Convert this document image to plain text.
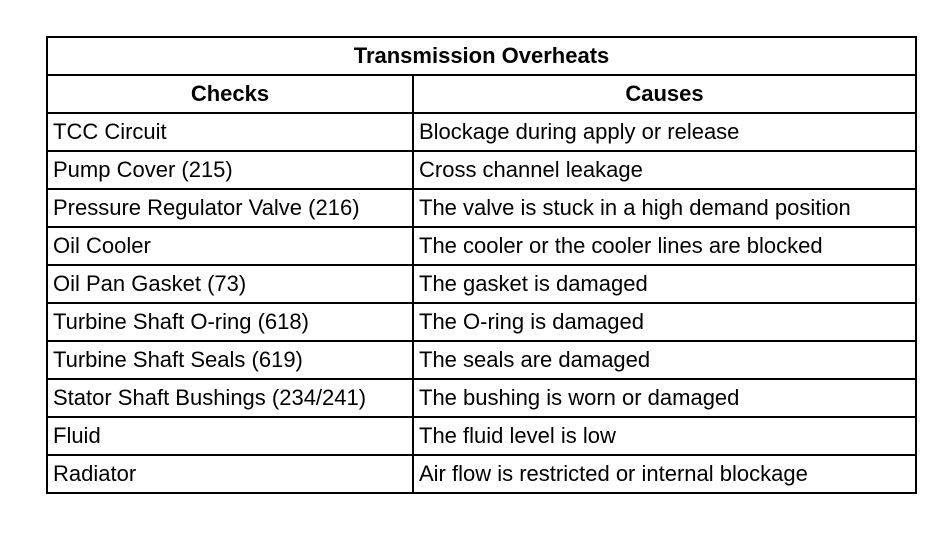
Transmission Overheats	
Checks	Causes
TCC Circuit	Blockage during apply or release
Pump Cover (215)	Cross channel leakage
Pressure Regulator Valve (216)	The valve is stuck in a high demand position
Oil Cooler	The cooler or the cooler lines are blocked
Oil Pan Gasket (73)	The gasket is damaged
Turbine Shaft O-ring (618)	The O-ring is damaged
Turbine Shaft Seals (619)	The seals are damaged
Stator Shaft Bushings (234/241)	The bushing is worn or damaged
Fluid	The fluid level is low
Radiator	Air flow is restricted or internal blockage
